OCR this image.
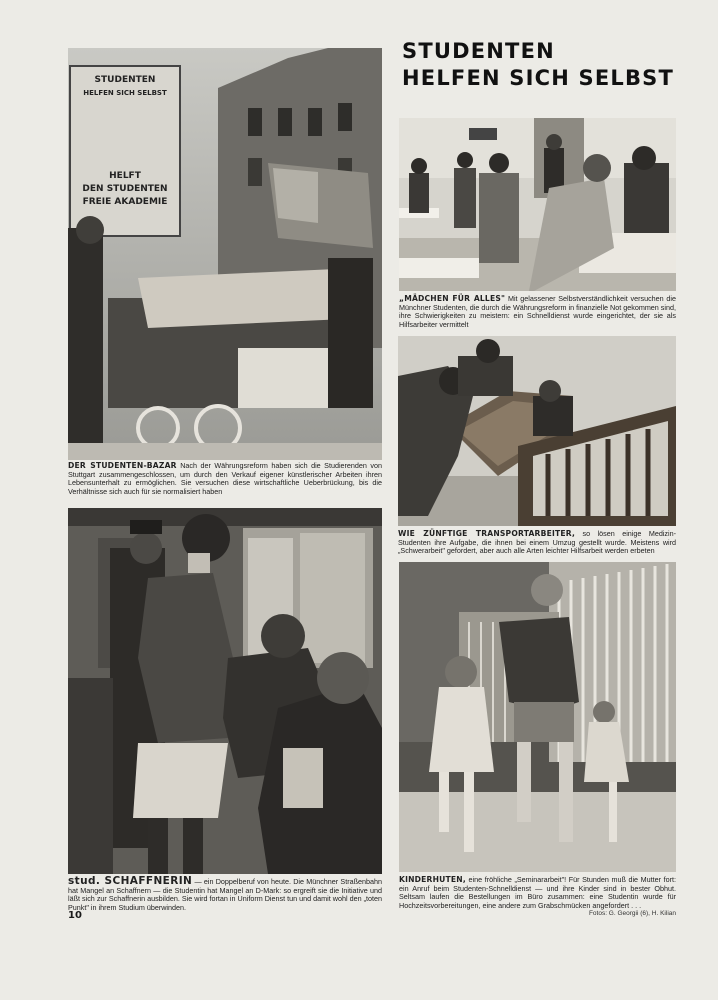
STUDENTEN
HELFEN SICH SELBST
STUDENTEN
HELFEN SICH SELBST
HELFT
DEN STUDENTEN
FREIE AKADEMIE
DER STUDENTEN-BAZAR Nach der Währungsreform haben sich die Studierenden von Stuttgart zusammengeschlossen, um durch den Verkauf eigener künstlerischer Arbeiten ihren Lebensunterhalt zu ermöglichen. Sie versuchen diese wirtschaftliche Ueberbrückung, bis die Verhältnisse sich auch für sie normalisiert haben
„MÄDCHEN FÜR ALLES" Mit gelassener Selbstverständlichkeit versuchen die Münchner Studenten, die durch die Währungsreform in finanzielle Not gekommen sind, ihre Schwierigkeiten zu meistern: ein Schnelldienst wurde eingerichtet, der sie als Hilfsarbeiter vermittelt
WIE ZÜNFTIGE TRANSPORTARBEITER, so lösen einige Medizin-Studenten ihre Aufgabe, die ihnen bei einem Umzug gestellt wurde. Meistens wird „Schwerarbeit" gefordert, aber auch alle Arten leichter Hilfsarbeit werden erbeten
stud. SCHAFFNERIN — ein Doppelberuf von heute. Die Münchner Straßenbahn hat Mangel an Schaffnern — die Studentin hat Mangel an D-Mark: so ergreift sie die Initiative und läßt sich zur Schaffnerin ausbilden. Sie wird fortan in Uniform Dienst tun und damit wohl den „toten Punkt" in ihrem Studium überwinden.
KINDERHUTEN, eine fröhliche „Seminararbeit"! Für Stunden muß die Mutter fort: ein Anruf beim Studenten-Schnelldienst — und ihre Kinder sind in bester Obhut. Seltsam laufen die Bestellungen im Büro zusammen: eine Studentin wurde für Hochzeitsvorbereitungen, eine andere zum Grabschmücken angefordert . . .
10	Fotos: G. Georgii (6), H. Kilian
